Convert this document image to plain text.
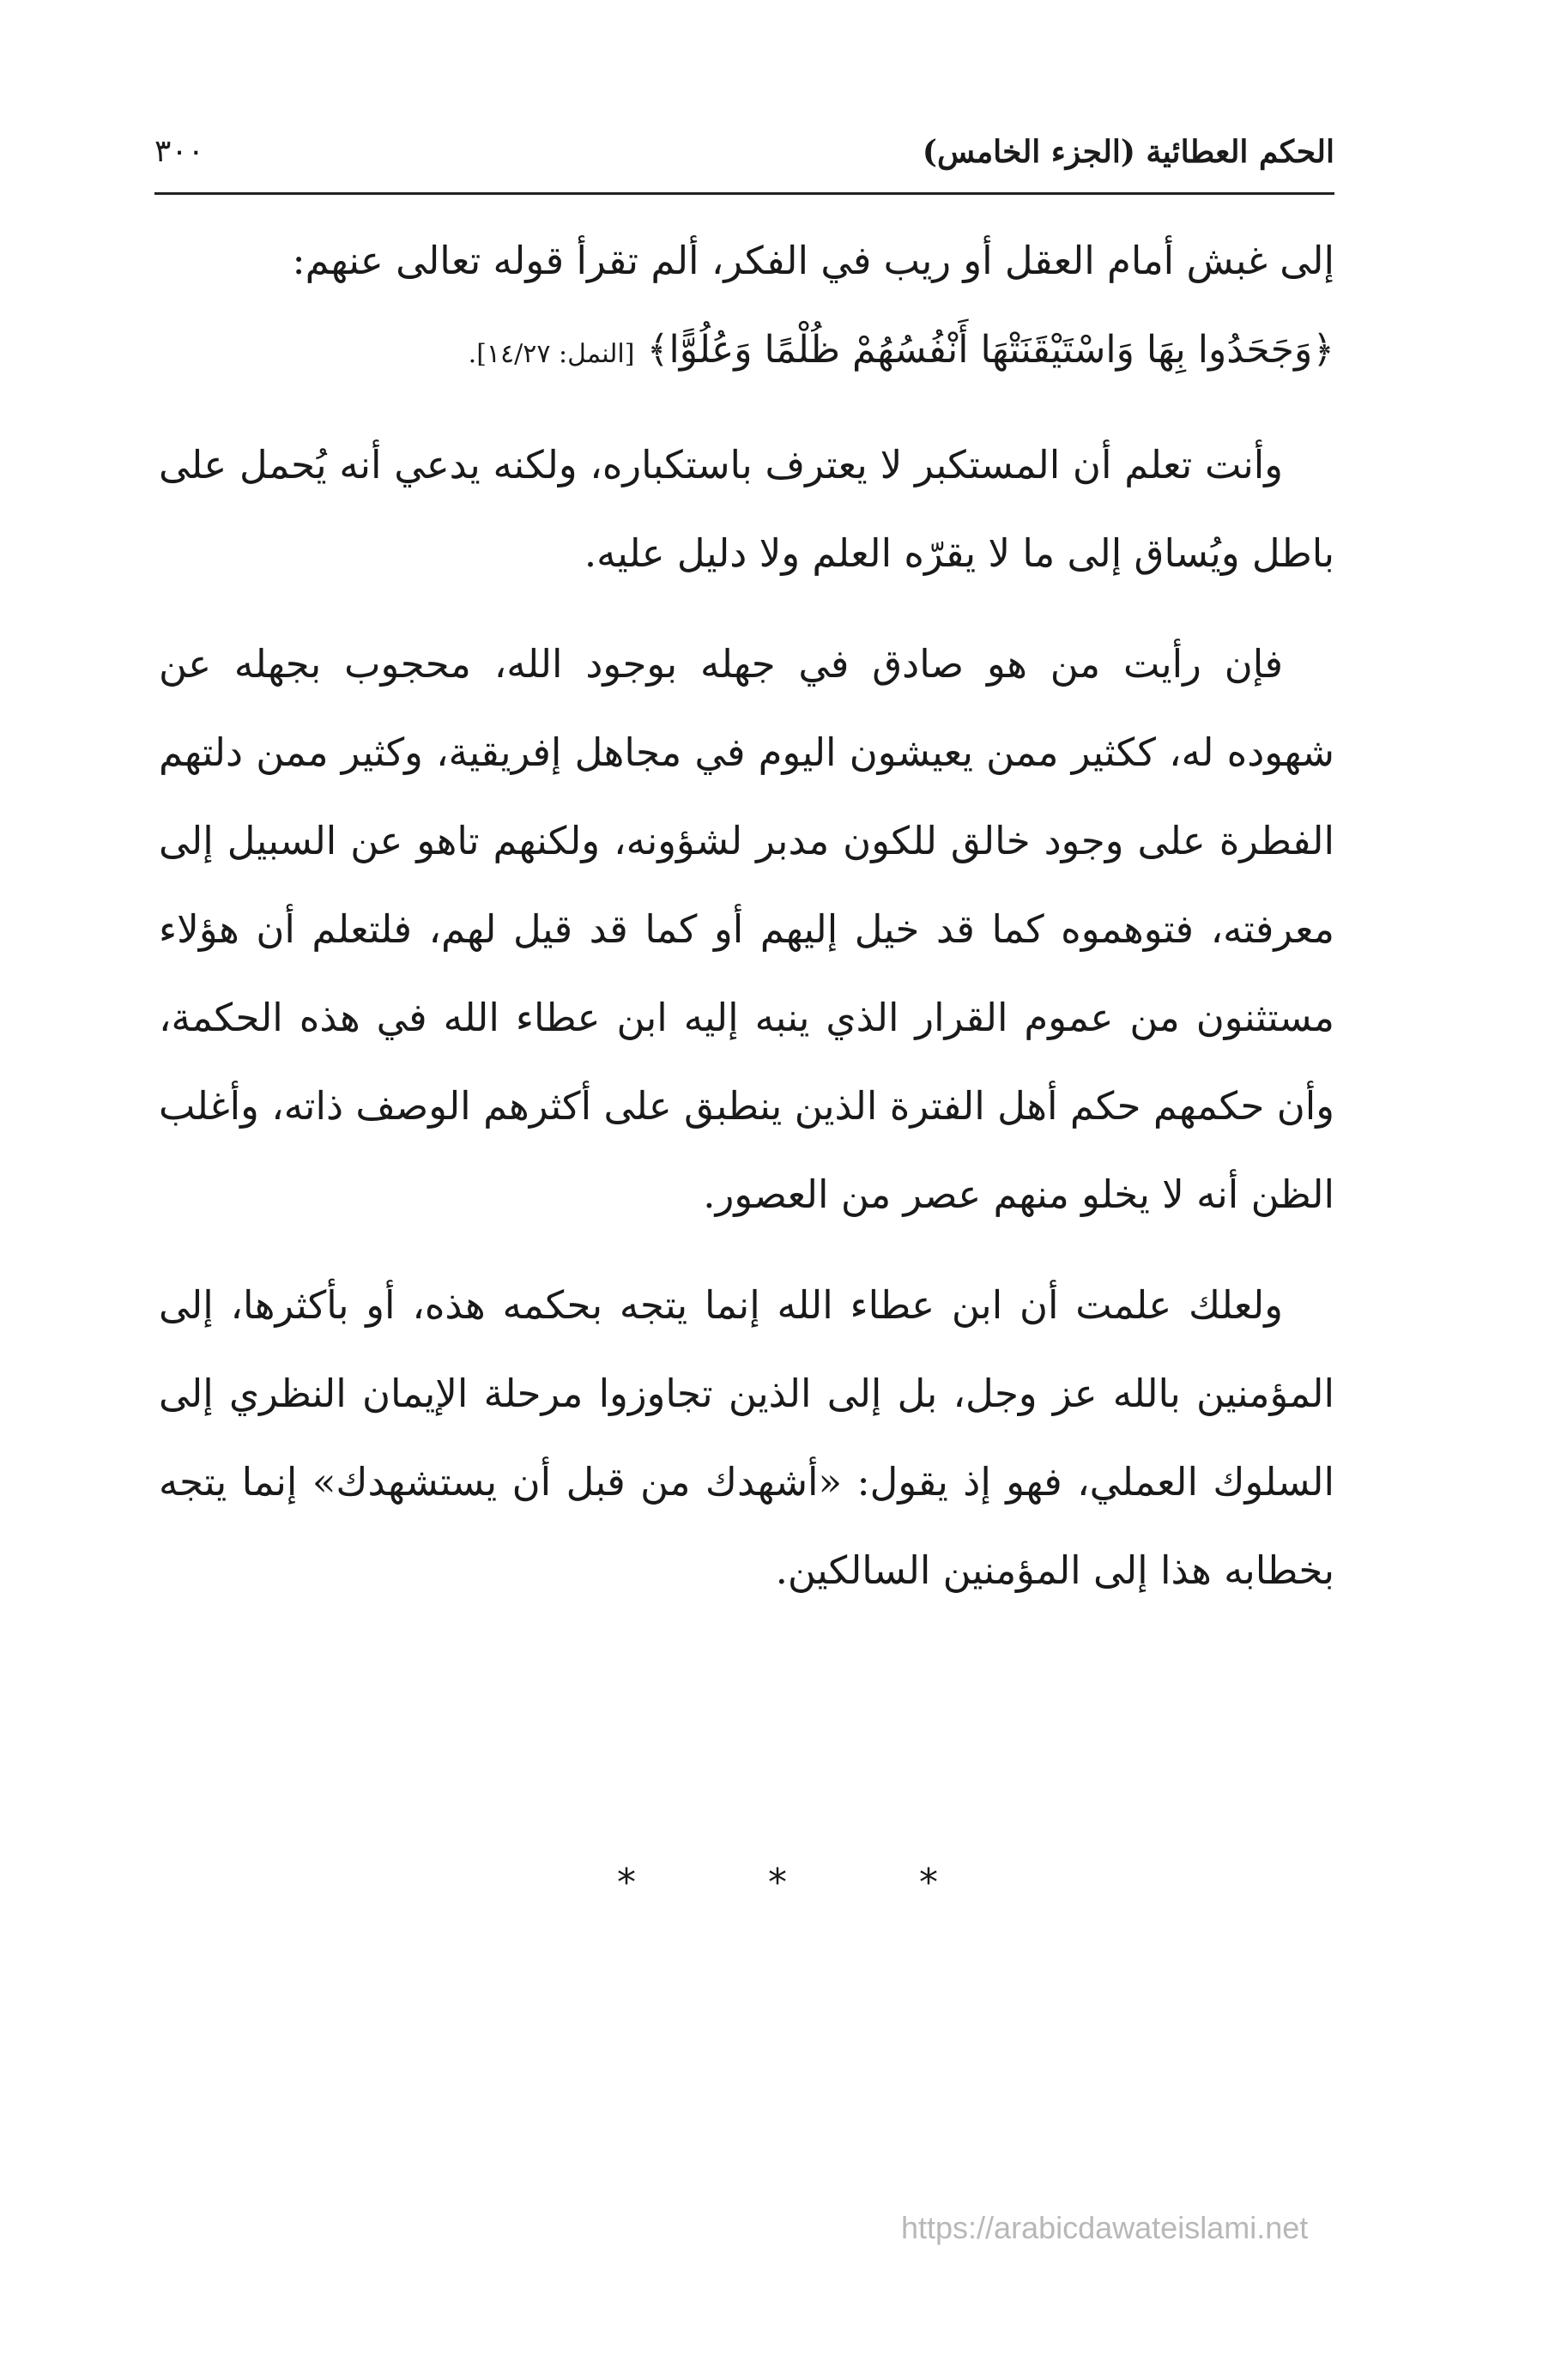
الحكم العطائية (الجزء الخامس)
٣٠٠

إلى غبش أمام العقل أو ريب في الفكر، ألم تقرأ قوله تعالى عنهم:
﴿وَجَحَدُوا بِهَا وَاسْتَيْقَنَتْهَا أَنْفُسُهُمْ ظُلْمًا وَعُلُوًّا﴾ [النمل: ١٤/٢٧].

وأنت تعلم أن المستكبر لا يعترف باستكباره، ولكنه يدعي أنه يُحمل على باطل ويُساق إلى ما لا يقرّه العلم ولا دليل عليه.

فإن رأيت من هو صادق في جهله بوجود الله، محجوب بجهله عن شهوده له، ككثير ممن يعيشون اليوم في مجاهل إفريقية، وكثير ممن دلتهم الفطرة على وجود خالق للكون مدبر لشؤونه، ولكنهم تاهو عن السبيل إلى معرفته، فتوهموه كما قد خيل إليهم أو كما قد قيل لهم، فلتعلم أن هؤلاء مستثنون من عموم القرار الذي ينبه إليه ابن عطاء الله في هذه الحكمة، وأن حكمهم حكم أهل الفترة الذين ينطبق على أكثرهم الوصف ذاته، وأغلب الظن أنه لا يخلو منهم عصر من العصور.

ولعلك علمت أن ابن عطاء الله إنما يتجه بحكمه هذه، أو بأكثرها، إلى المؤمنين بالله عز وجل، بل إلى الذين تجاوزوا مرحلة الإيمان النظري إلى السلوك العملي، فهو إذ يقول: «أشهدك من قبل أن يستشهدك» إنما يتجه بخطابه هذا إلى المؤمنين السالكين.

*	*	*
https://arabicdawateislami.net
